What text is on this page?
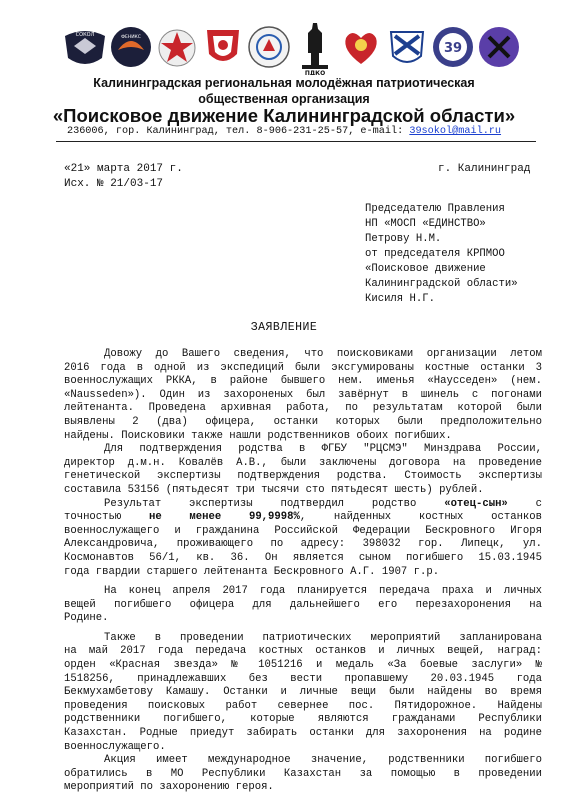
СОКОЛ	ФЕНИКС
ПДКО
39
Калининградская региональная молодёжная патриотическая
общественная организация
«Поисковое движение Калининградской области»
236006, гор. Калининград, тел. 8-906-231-25-57, e-mail: 39sokol@mail.ru
«21» марта 2017 г.	г. Калининград
Исх. № 21/03-17
Председателю Правления
НП «МОСП «ЕДИНСТВО»
Петрову Н.М.
от председателя КРПМОО
«Поисковое движение
Калининградской области»
Кисиля Н.Г.
ЗАЯВЛЕНИЕ
Довожу до Вашего сведения, что поисковиками организации летом
2016 года в одной из экспедиций были эксгумированы костные останки 3
военнослужащих РККА, в районе бывшего нем. именья «Наусседен» (нем.
«Nausseden»). Один из захороненых был завёрнут в шинель с погонами
лейтенанта. Проведена архивная работа, по результатам которой были
выявлены 2 (два) офицера, останки которых были предположительно
найдены. Поисковики также нашли родственников обоих погибших.
Для подтверждения родства в ФГБУ "РЦСМЭ" Минздрава России,
директор д.м.н. Ковалёв А.В., были заключены договора на проведение
генетической экспертизы подтверждения родства. Стоимость экспертизы
составила 53156 (пятьдесят три тысячи сто пятьдесят шесть) рублей.
Результат экспертизы подтвердил родство «отец-сын» с
точностью не менее 99,9998%, найденных костных останков
военнослужащего и гражданина Российской Федерации Бескровного Игоря
Александровича, проживающего по адресу: 398032 гор. Липецк, ул.
Космонавтов 56/1, кв. 36. Он является сыном погибшего 15.03.1945
года гвардии старшего лейтенанта Бескровного А.Г. 1907 г.р.
На конец апреля 2017 года планируется передача праха и личных
вещей погибшего офицера для дальнейшего его перезахоронения на
Родине.
Также в проведении патриотических мероприятий запланирована
на май 2017 года передача костных останков и личных вещей, наград:
орден «Красная звезда» № 1051216 и медаль «За боевые заслуги» №
1518256, принадлежавших без вести пропавшему 20.03.1945 года
Бекмухамбетову Камашу. Останки и личные вещи были найдены во время
проведения поисковых работ севернее пос. Пятидорожное. Найдены
родственники погибшего, которые являются гражданами Республики
Казахстан. Родные приедут забирать останки для захоронения на родине
военнослужащего.
Акция имеет международное значение, родственники погибшего
обратились в МО Республики Казахстан за помощью в проведении
мероприятий по захоронению героя.
